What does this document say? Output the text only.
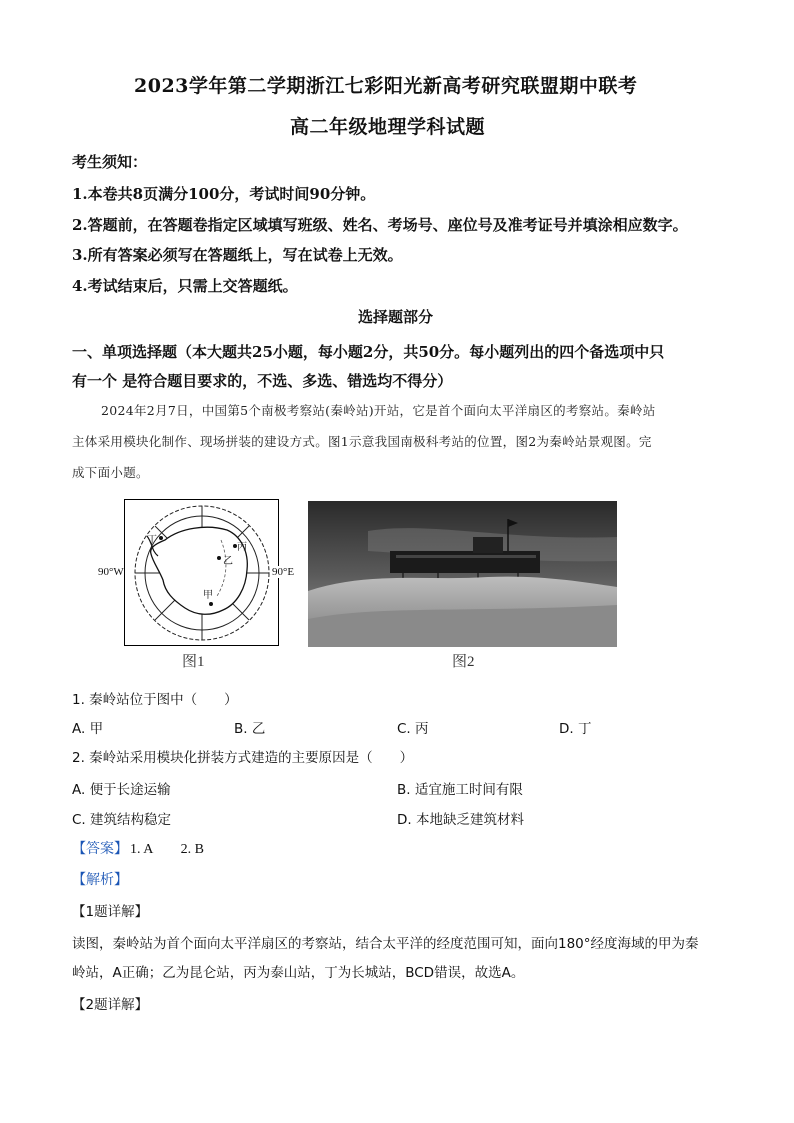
2023学年第二学期浙江七彩阳光新高考研究联盟期中联考
高二年级地理学科试题
考生须知：
1.本卷共8页满分100分，考试时间90分钟。
2.答题前，在答题卷指定区域填写班级、姓名、考场号、座位号及准考证号并填涂相应数字。
3.所有答案必须写在答题纸上，写在试卷上无效。
4.考试结束后，只需上交答题纸。
选择题部分
一、单项选择题（本大题共25小题，每小题2分，共50分。每小题列出的四个备选项中只
有一个 是符合题目要求的，不选、多选、错选均不得分）
2024年2月7日，中国第5个南极考察站(秦岭站)开站，它是首个面向太平洋扇区的考察站。秦岭站
主体采用模块化制作、现场拼装的建设方式。图1示意我国南极科考站的位置，图2为秦岭站景观图。完
成下面小题。
甲
乙
丙
丁
90°W	90°E
图1	图2
1. 秦岭站位于图中（　　）
A. 甲	B. 乙	C. 丙	D. 丁
2. 秦岭站采用模块化拼装方式建造的主要原因是（　　）
A. 便于长途运输	B. 适宜施工时间有限
C. 建筑结构稳定	D. 本地缺乏建筑材料
【答案】 1. A　　2. B
【解析】
【1题详解】
读图，秦岭站为首个面向太平洋扇区的考察站，结合太平洋的经度范围可知，面向180°经度海域的甲为秦
岭站，A正确；乙为昆仑站，丙为泰山站，丁为长城站，BCD错误，故选A。
【2题详解】
